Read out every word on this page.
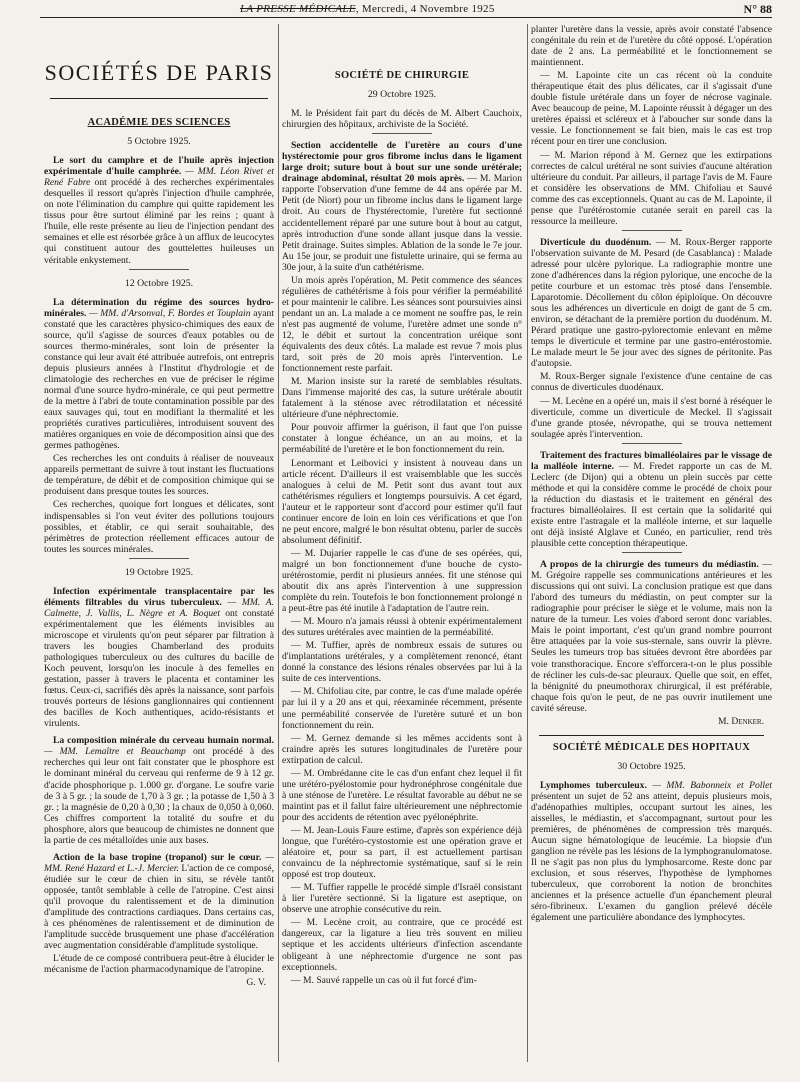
LA PRESSE MÉDICALE, Mercredi, 4 Novembre 1925	N° 88
SOCIÉTÉS DE PARIS
ACADÉMIE DES SCIENCES
5 Octobre 1925.

Le sort du camphre et de l'huile après injection expérimentale d'huile camphrée. — MM. Léon Rivet et René Fabre ont procédé à des recherches expérimentales desquelles il ressort qu'après l'injection d'huile camphrée, on note l'élimination du camphre qui quitte rapidement les tissus pour être surtout éliminé par les reins ; quant à l'huile, elle reste présente au lieu de l'injection pendant des semaines et elle est résorbée grâce à un afflux de leucocytes qui constituent autour des gouttelettes huileuses un véritable enkystement.

12 Octobre 1925.

La détermination du régime des sources hydro-minérales. — MM. d'Arsonval, F. Bordes et Touplain ayant constaté que les caractères physico-chimiques des eaux de source, qu'il s'agisse de sources d'eaux potables ou de sources thermo-minérales, sont loin de présenter la constance qui leur avait été attribuée autrefois, ont entrepris depuis plusieurs années à l'Institut d'hydrologie et de climatologie des recherches en vue de préciser le régime normal d'une source hydro-minérale, ce qui peut permettre de la mettre à l'abri de toute contamination possible par des eaux sauvages qui, tout en modifiant la thermalité et les propriétés curatives particulières, introduisent souvent des matières organiques en voie de décomposition ainsi que des germes pathogènes.

Ces recherches les ont conduits à réaliser de nouveaux appareils permettant de suivre à tout instant les fluctuations de température, de débit et de composition chimique qui se produisent dans presque toutes les sources.

Ces recherches, quoique fort longues et délicates, sont indispensables si l'on veut éviter des pollutions toujours possibles, et établir, ce qui serait souhaitable, des périmètres de protection réellement efficaces autour de toutes les sources minérales.

19 Octobre 1925.

Infection expérimentale transplacentaire par les éléments filtrables du virus tuberculeux. — MM. A. Calmette, J. Vallis, L. Nègre et A. Boquet ont constaté expérimentalement que les éléments invisibles au microscope et virulents qu'on peut séparer par filtration à travers les bougies Chamberland des produits pathologiques tuberculeux ou des cultures du bacille de Koch peuvent, lorsqu'on les inocule à des femelles en gestation, passer à travers le placenta et contaminer les fœtus. Ceux-ci, sacrifiés dès après la naissance, sont parfois trouvés porteurs de lésions ganglionnaires qui contiennent des bacilles de Koch authentiques, acido-résistants et virulents.

La composition minérale du cerveau humain normal. — MM. Lemaître et Beauchamp ont procédé à des recherches qui leur ont fait constater que le phosphore est le dominant minéral du cerveau qui renferme de 9 à 12 gr. d'acide phosphorique p. 1.000 gr. d'organe. Le soufre varie de 3 à 5 gr. ; la soude de 1,70 à 3 gr. ; la potasse de 1,50 à 3 gr. ; la magnésie de 0,20 à 0,30 ; la chaux de 0,050 à 0,060. Ces chiffres comportent la totalité du soufre et du phosphore, alors que beaucoup de chimistes ne donnent que la partie de ces métalloïdes unie aux bases.

Action de la base tropine (tropanol) sur le cœur. — MM. René Hazard et L.-J. Mercier. L'action de ce composé, étudiée sur le cœur de chien in situ, se révèle tantôt opposée, tantôt semblable à celle de l'atropine. C'est ainsi qu'il provoque du ralentissement et de la diminution d'amplitude des contractions cardiaques. Dans certains cas, à ces phénomènes de ralentissement et de diminution de l'amplitude succède brusquement une phase d'accélération avec augmentation considérable d'amplitude systolique.

L'étude de ce composé contribuera peut-être à élucider le mécanisme de l'action pharmacodynamique de l'atropine.

G. V.
SOCIÉTÉ DE CHIRURGIE
29 Octobre 1925.

M. le Président fait part du décès de M. Albert Cauchoix, chirurgien des hôpitaux, archiviste de la Société.

Section accidentelle de l'uretère au cours d'une hystérectomie pour gros fibrome inclus dans le ligament large droit; suture bout à bout sur une sonde urétérale; drainage abdominal, résultat 20 mois après. — M. Marion rapporte l'observation d'une femme de 44 ans opérée par M. Petit (de Niort) pour un fibrome inclus dans le ligament large droit. Au cours de l'hystérectomie, l'uretère fut sectionné accidentellement réparé par une suture bout à bout au catgut, après introduction d'une sonde allant jusque dans la vessie. Petit drainage. Suites simples. Ablation de la sonde le 7e jour. Au 15e jour, se produit une fistulette urinaire, qui se ferma au 30e jour, à la suite d'un cathétérisme.

Un mois après l'opération, M. Petit commence des séances régulières de cathétérisme à fois pour vérifier la perméabilité et pour maintenir le calibre. Les séances sont poursuivies ainsi pendant un an. La malade a ce moment ne souffre pas, le rein n'est pas augmenté de volume, l'uretère admet une sonde n° 12, le débit et surtout la concentration uréique sont équivalents des deux côtés. La malade est revue 7 mois plus tard, soit près de 20 mois après l'intervention. Le fonctionnement reste parfait.

M. Marion insiste sur la rareté de semblables résultats. Dans l'immense majorité des cas, la suture urétérale aboutit fatalement à la sténose avec rétrodilatation et nécessité ultérieure d'une néphrectomie.

Pour pouvoir affirmer la guérison, il faut que l'on puisse constater à longue échéance, un an au moins, et la perméabilité de l'uretère et le bon fonctionnement du rein.

Lenormant et Leibovici y insistent à nouveau dans un article récent. D'ailleurs il est vraisemblable que les succès analogues à celui de M. Petit sont dus avant tout aux cathétérismes réguliers et longtemps poursuivis. A cet égard, l'auteur et le rapporteur sont d'accord pour estimer qu'il faut continuer encore de loin en loin ces vérifications et que l'on ne peut encore, malgré le bon résultat obtenu, parler de succès absolument définitif.

— M. Dujarier rappelle le cas d'une de ses opérées, qui, malgré un bon fonctionnement d'une bouche de cysto-urétérostomie, perdit ni plusieurs années. fit une sténose qui aboutit dix ans après l'intervention à une suppression complète du rein. Toutefois le bon fonctionnement prolongé n a peut-être pas été inutile à l'adaptation de l'autre rein.

— M. Mouro n'a jamais réussi à obtenir expérimentalement des sutures urétérales avec maintien de la perméabilité.

— M. Tuffier, après de nombreux essais de sutures ou d'implantations urétérales, y a complètement renoncé, étant donné la constance des lésions rénales observées par lui à la suite de ces interventions.

— M. Chifoliau cite, par contre, le cas d'une malade opérée par lui il y a 20 ans et qui, réexaminée récemment, présente une perméabilité conservée de l'uretère suturé et un bon fonctionnement du rein.

— M. Gernez demande si les mêmes accidents sont à craindre après les sutures longitudinales de l'uretère pour extirpation de calcul.

— M. Ombrédanne cite le cas d'un enfant chez lequel il fit une urétéro-pyélostomie pour hydronéphrose congénitale due à une sténose de l'uretère. Le résultat favorable au début ne se maintint pas et il fallut faire ultérieurement une néphrectomie pour des accidents de rétention avec pyélonéphrite.

— M. Jean-Louis Faure estime, d'après son expérience déjà longue, que l'urétéro-cystostomie est une opération grave et aléatoire et, pour sa part, il est actuellement partisan convaincu de la néphrectomie systématique, sauf si le rein opposé est trop douteux.

— M. Tuffier rappelle le procédé simple d'Israël consistant à lier l'uretère sectionné. Si la ligature est aseptique, on observe une atrophie consécutive du rein.

— M. Lecène croit, au contraire, que ce procédé est dangereux, car la ligature a lieu très souvent en milieu septique et les accidents ultérieurs d'infection ascendante obligeant à une néphrectomie d'urgence ne sont pas exceptionnels.

— M. Sauvé rappelle un cas où il fut forcé d'im-

planter l'uretère dans la vessie, après avoir constaté l'absence congénitale du rein et de l'uretère du côté opposé. L'opération date de 2 ans. La perméabilité et le fonctionnement se maintiennent.

— M. Lapointe cite un cas récent où la conduite thérapeutique était des plus délicates, car il s'agissait d'une double fistule urétérale dans un foyer de nécrose vaginale. Avec beaucoup de peine, M. Lapointe réussit à dégager un des uretères épaissi et scléreux et à l'aboucher sur sonde dans la vessie. Le fonctionnement se fait bien, mais le cas est trop récent pour en tirer une conclusion.

— M. Marion répond à M. Gernez que les extirpations correctes de calcul urétéral ne sont suivies d'aucune altération ultérieure du conduit. Par ailleurs, il partage l'avis de M. Faure et considère les observations de MM. Chifoliau et Sauvé comme des cas exceptionnels. Quant au cas de M. Lapointe, il pense que l'urétérostomie cutanée serait en pareil cas la ressource la meilleure.

Diverticule du duodénum. — M. Roux-Berger rapporte l'observation suivante de M. Pesard (de Casablanca) : Malade adressé pour ulcère pylorique. La radiographie montre une zone d'adhérences dans la région pylorique, une encoche de la petite courbure et un estomac très ptosé dans l'ensemble. Laparotomie. Décollement du côlon épiploïque. On découvre sous les adhérences un diverticule en doigt de gant de 5 cm. environ, se détachant de la première portion du duodénum. M. Pérard pratique une gastro-pylorectomie enlevant en même temps le diverticule et termine par une gastro-entérostomie. Le malade meurt le 5e jour avec des signes de péritonite. Pas d'autopsie.

M. Roux-Berger signale l'existence d'une centaine de cas connus de diverticules duodénaux.

— M. Lecène en a opéré un, mais il s'est borné à réséquer le diverticule, comme un diverticule de Meckel. Il s'agissait d'une grande ptosée, névropathe, qui se trouva nettement soulagée après l'intervention.

Traitement des fractures bimalléolaires par le vissage de la malléole interne. — M. Fredet rapporte un cas de M. Leclerc (de Dijon) qui a obtenu un plein succès par cette méthode et qui la considère comme le procédé de choix pour la réduction du diastasis et le traitement en général des fractures bimalléolaires. Il est certain que la solidarité qui existe entre l'astragale et la malléole interne, et sur laquelle ont déjà insisté Alglave et Cunéo, en particulier, rend très plausible cette conception thérapeutique.

A propos de la chirurgie des tumeurs du médiastin. — M. Grégoire rappelle ses communications antérieures et les discussions qui ont suivi. La conclusion pratique est que dans l'abord des tumeurs du médiastin, on peut compter sur la radiographie pour préciser le siège et le volume, mais non la nature de la tumeur. Les voies d'abord seront donc variables. Mais le point important, c'est qu'un grand nombre pourront être attaquées par la voie sus-sternale, sans ouvrir la plèvre. Seules les tumeurs trop bas situées devront être abordées par voie transthoracique. Encore s'efforcera-t-on le plus possible de récliner les culs-de-sac pleuraux. Quelle que soit, en effet, la bénignité du pneumothorax chirurgical, il est préférable, chaque fois qu'on le peut, de ne pas ouvrir inutilement une cavité séreuse.

M. Denker.
SOCIÉTÉ MÉDICALE DES HOPITAUX
30 Octobre 1925.

Lymphomes tuberculeux. — MM. Babonneix et Pollet présentent un sujet de 52 ans atteint, depuis plusieurs mois, d'adénopathies multiples, occupant surtout les aines, les aisselles, le médiastin, et s'accompagnant, surtout pour les premières, de phénomènes de compression très marqués. Aucun signe hématologique de leucémie. La biopsie d'un ganglion ne révèle pas les lésions de la lymphogranulomatose. Il ne s'agit pas non plus du lymphosarcome. Reste donc par exclusion, et sous réserves, l'hypothèse de lymphomes tuberculeux, que corroborent la notion de bronchites anciennes et la présence actuelle d'un épanchement pleural séro-fibrineux. L'examen du ganglion prélevé décèle également une particulière abondance des lymphocytes.
